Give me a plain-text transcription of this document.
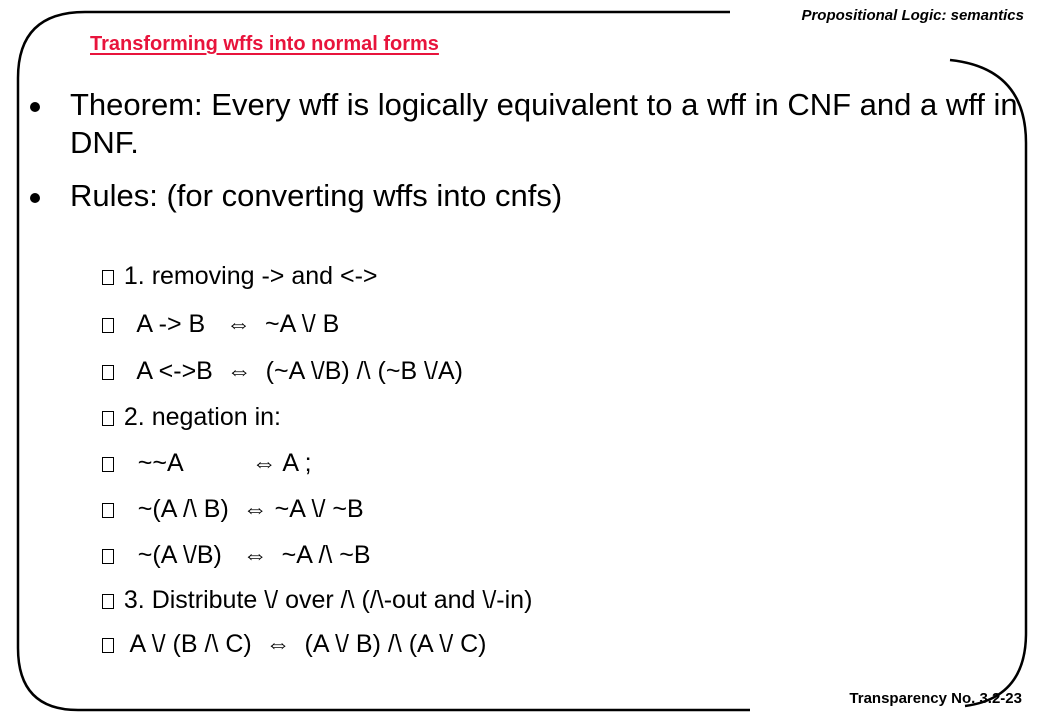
Propositional Logic: semantics
Transforming wffs into normal forms
Theorem: Every wff is logically equivalent to a wff in CNF and a wff in DNF.
Rules: (for converting wffs into cnfs)

1. removing -> and <->

A -> B ⇔ ~A \/ B

A <->B ⇔ (~A \/B) /\ (~B \/A)

2. negation in:

~~A          ⇔ A ;

~(A /\ B) ⇔ ~A \/ ~B

~(A \/B) ⇔  ~A /\ ~B

3. Distribute \/ over /\ (/\-out and \/-in)

A \/ (B /\ C) ⇔ (A \/ B) /\ (A \/ C)

Transparency No. 3.2-23
